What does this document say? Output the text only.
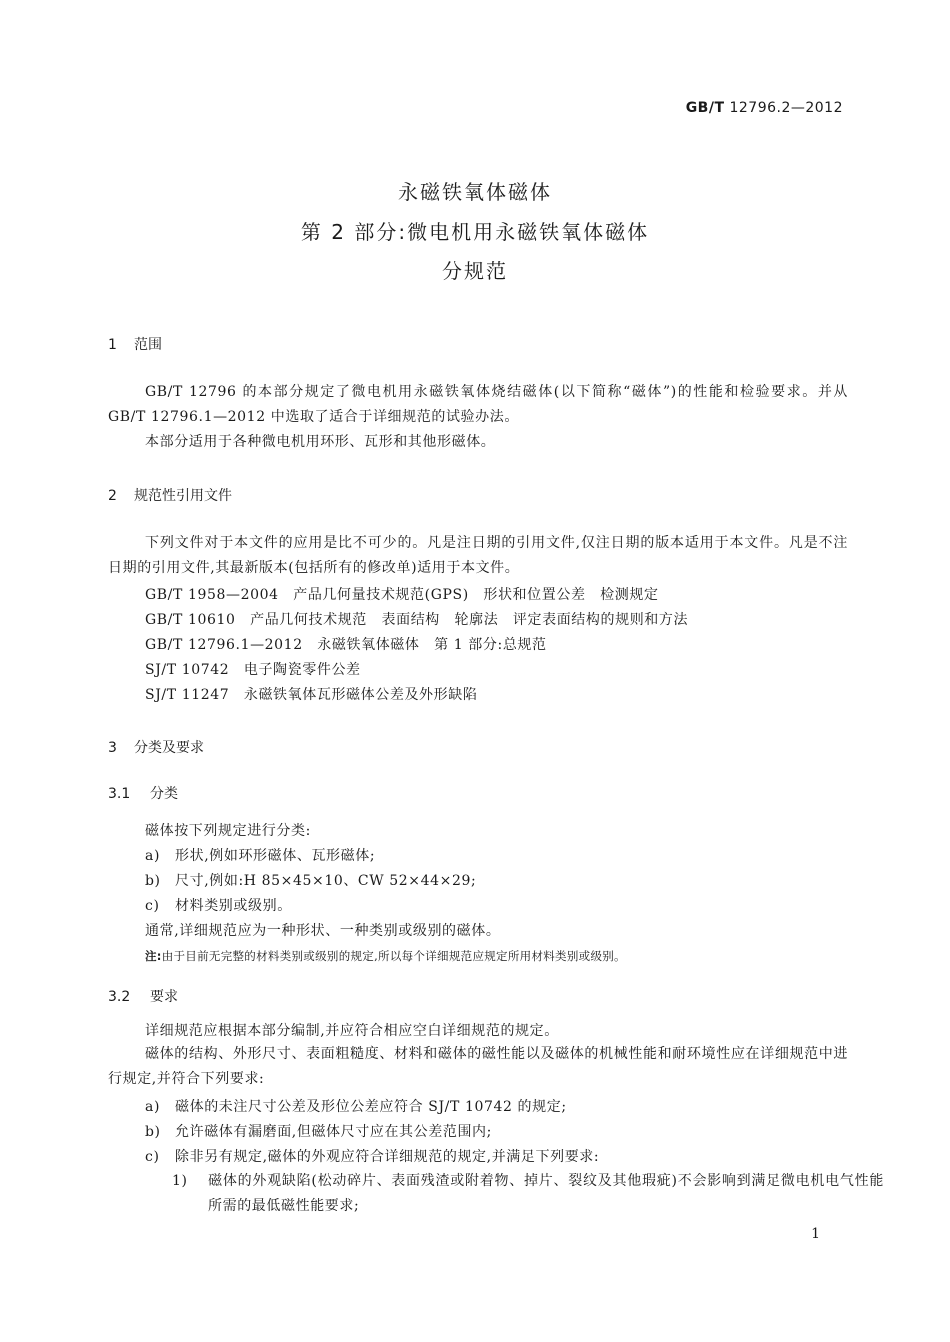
GB/T 12796.2—2012
永磁铁氧体磁体
第 2 部分:微电机用永磁铁氧体磁体
分规范
1 范围
GB/T 12796 的本部分规定了微电机用永磁铁氧体烧结磁体(以下简称“磁体”)的性能和检验要求。并从 GB/T 12796.1—2012 中选取了适合于详细规范的试验办法。
本部分适用于各种微电机用环形、瓦形和其他形磁体。
2 规范性引用文件
下列文件对于本文件的应用是比不可少的。凡是注日期的引用文件,仅注日期的版本适用于本文件。凡是不注日期的引用文件,其最新版本(包括所有的修改单)适用于本文件。
GB/T 1958—2004　产品几何量技术规范(GPS)　形状和位置公差　检测规定
GB/T 10610　产品几何技术规范　表面结构　轮廓法　评定表面结构的规则和方法
GB/T 12796.1—2012　永磁铁氧体磁体　第 1 部分:总规范
SJ/T 10742　电子陶瓷零件公差
SJ/T 11247　永磁铁氧体瓦形磁体公差及外形缺陷
3 分类及要求
3.1 分类
磁体按下列规定进行分类:
a) 形状,例如环形磁体、瓦形磁体;
b) 尺寸,例如:H 85×45×10、CW 52×44×29;
c) 材料类别或级别。
通常,详细规范应为一种形状、一种类别或级别的磁体。
注:由于目前无完整的材料类别或级别的规定,所以每个详细规范应规定所用材料类别或级别。
3.2 要求
详细规范应根据本部分编制,并应符合相应空白详细规范的规定。
磁体的结构、外形尺寸、表面粗糙度、材料和磁体的磁性能以及磁体的机械性能和耐环境性应在详细规范中进行规定,并符合下列要求:
a) 磁体的未注尺寸公差及形位公差应符合 SJ/T 10742 的规定;
b) 允许磁体有漏磨面,但磁体尺寸应在其公差范围内;
c) 除非另有规定,磁体的外观应符合详细规范的规定,并满足下列要求:
1) 磁体的外观缺陷(松动碎片、表面残渣或附着物、掉片、裂纹及其他瑕疵)不会影响到满足微电机电气性能所需的最低磁性能要求;
1
